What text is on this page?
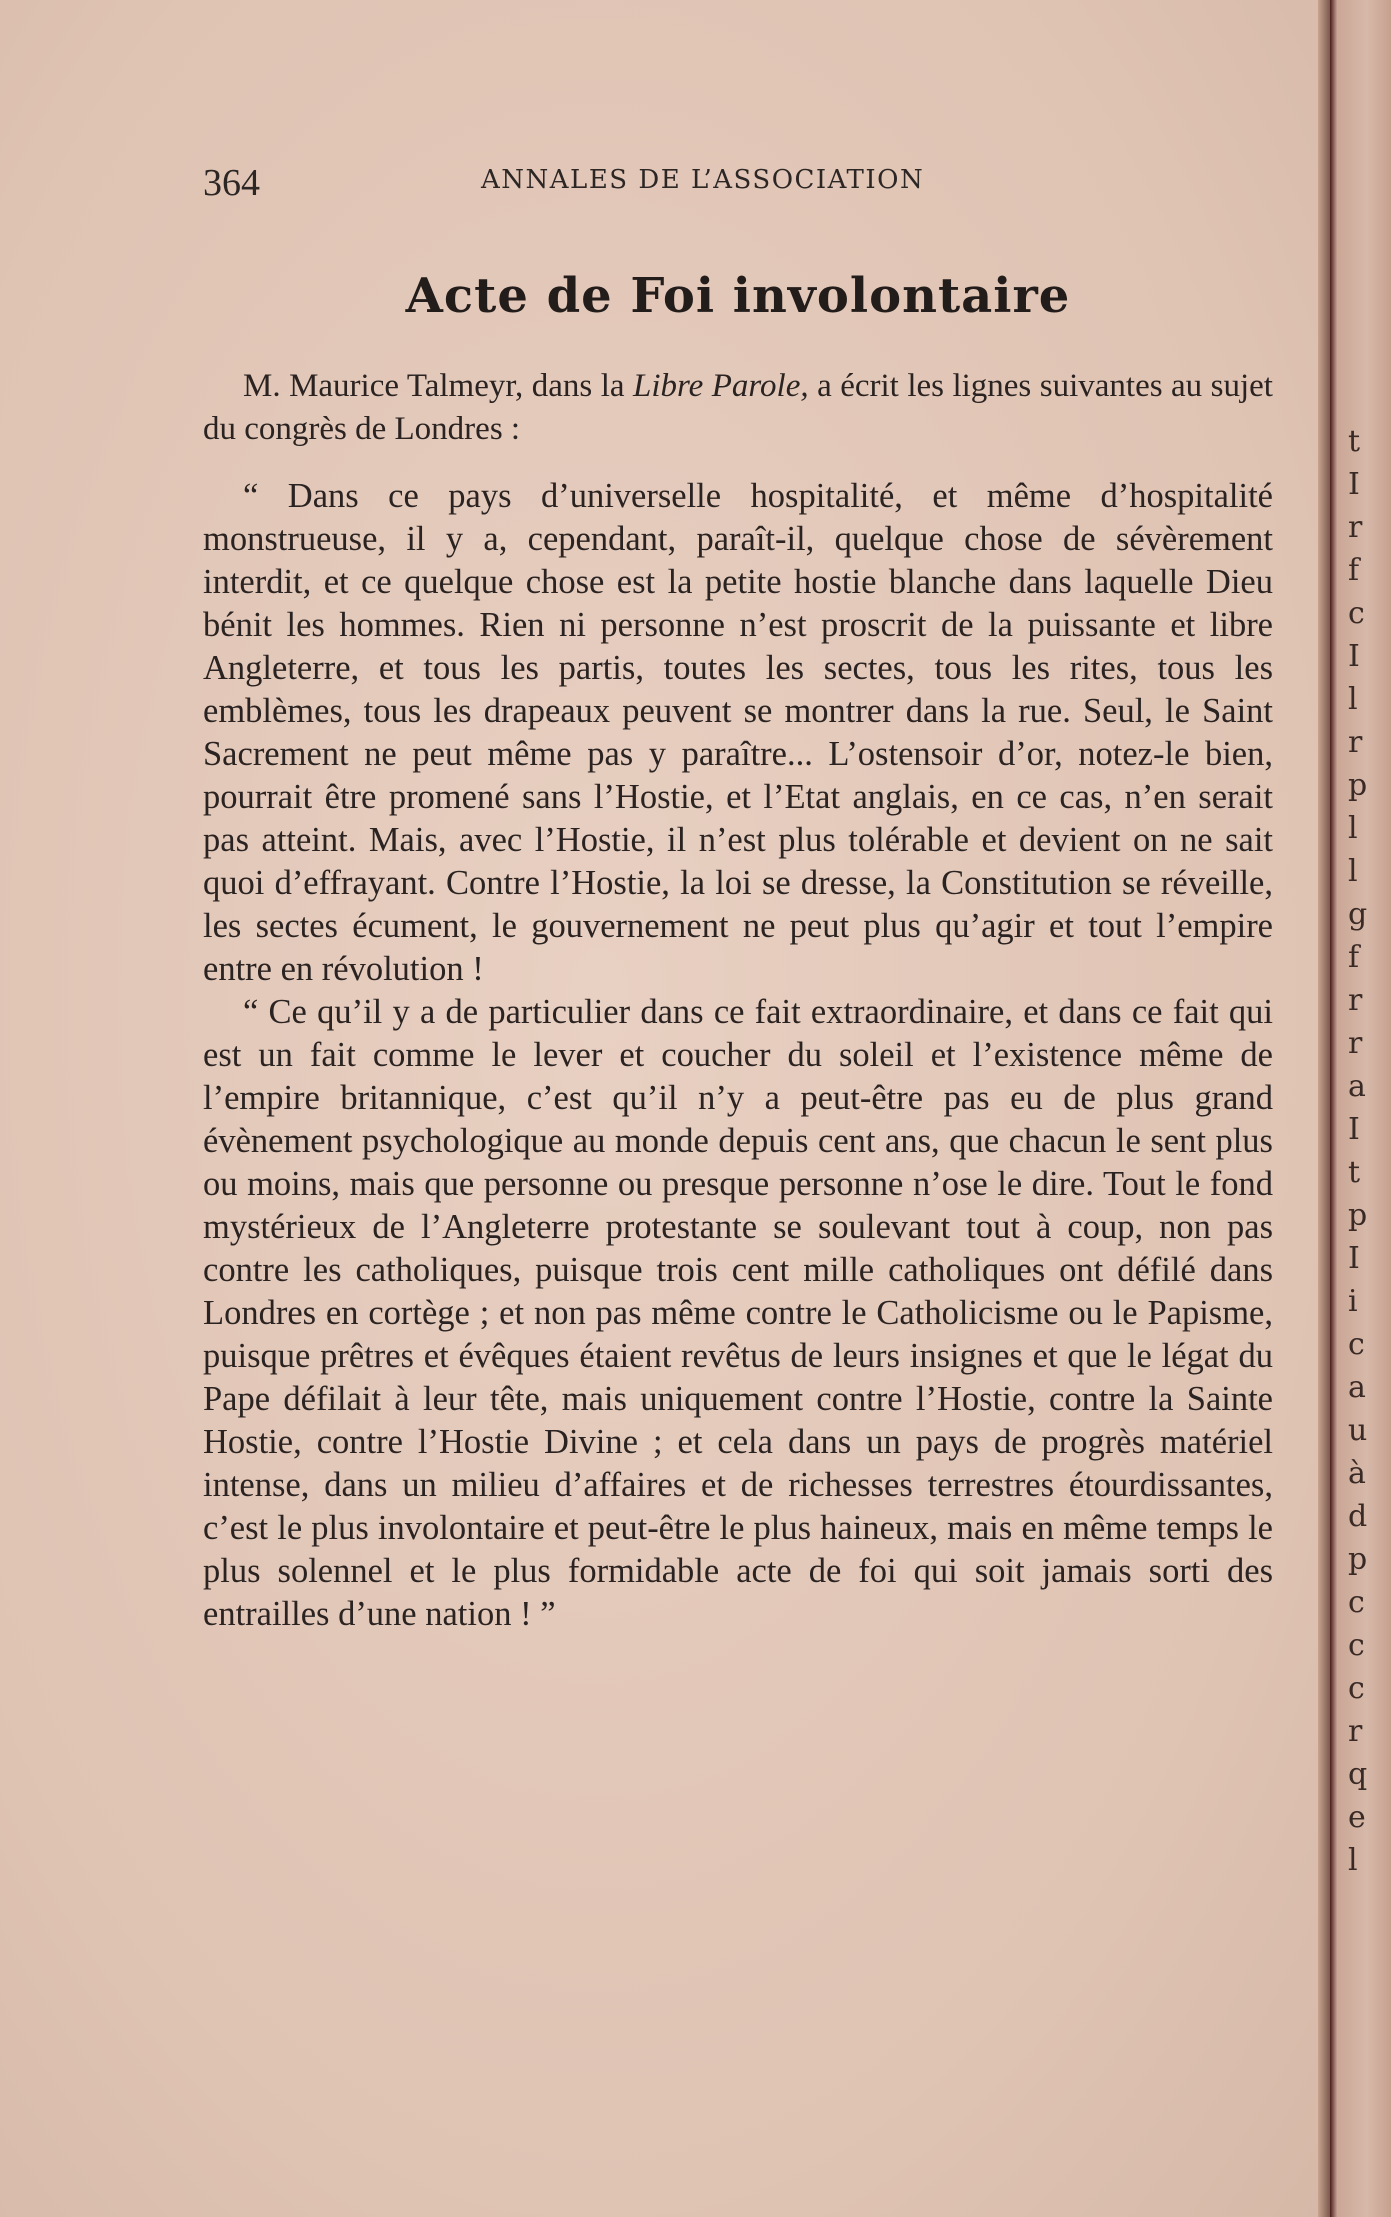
364	ANNALES DE L’ASSOCIATION
Acte de Foi involontaire

M. Maurice Talmeyr, dans la Libre Parole, a écrit les lignes suivantes au sujet du congrès de Londres :

“ Dans ce pays d’universelle hospitalité, et même d’hospitalité monstrueuse, il y a, cependant, paraît-il, quelque chose de sévèrement interdit, et ce quelque chose est la petite hostie blanche dans laquelle Dieu bénit les hommes. Rien ni personne n’est proscrit de la puissante et libre Angleterre, et tous les partis, toutes les sectes, tous les rites, tous les emblèmes, tous les drapeaux peuvent se montrer dans la rue. Seul, le Saint Sacrement ne peut même pas y paraître... L’ostensoir d’or, notez-le bien, pourrait être promené sans l’Hostie, et l’Etat anglais, en ce cas, n’en serait pas atteint. Mais, avec l’Hostie, il n’est plus tolérable et devient on ne sait quoi d’effrayant. Contre l’Hostie, la loi se dresse, la Constitution se réveille, les sectes écument, le gouvernement ne peut plus qu’agir et tout l’empire entre en révolution !

“ Ce qu’il y a de particulier dans ce fait extraordinaire, et dans ce fait qui est un fait comme le lever et coucher du soleil et l’existence même de l’empire britannique, c’est qu’il n’y a peut-être pas eu de plus grand évènement psychologique au monde depuis cent ans, que chacun le sent plus ou moins, mais que personne ou presque personne n’ose le dire. Tout le fond mystérieux de l’Angleterre protestante se soulevant tout à coup, non pas contre les catholiques, puisque trois cent mille catholiques ont défilé dans Londres en cortège ; et non pas même contre le Catholicisme ou le Papisme, puisque prêtres et évêques étaient revêtus de leurs insignes et que le légat du Pape défilait à leur tête, mais uniquement contre l’Hostie, contre la Sainte Hostie, contre l’Hostie Divine ; et cela dans un pays de progrès matériel intense, dans un milieu d’affaires et de richesses terrestres étourdissantes, c’est le plus involontaire et peut-être le plus haineux, mais en même temps le plus solennel et le plus formidable acte de foi qui soit jamais sorti des entrailles d’une nation ! ”

t
I
r
f
c
I
l
r
p
l
l
g
f
r
r
a
I
t
p
I
i
c
a
u
à
d
p
c
c
c
r
q
e
l
